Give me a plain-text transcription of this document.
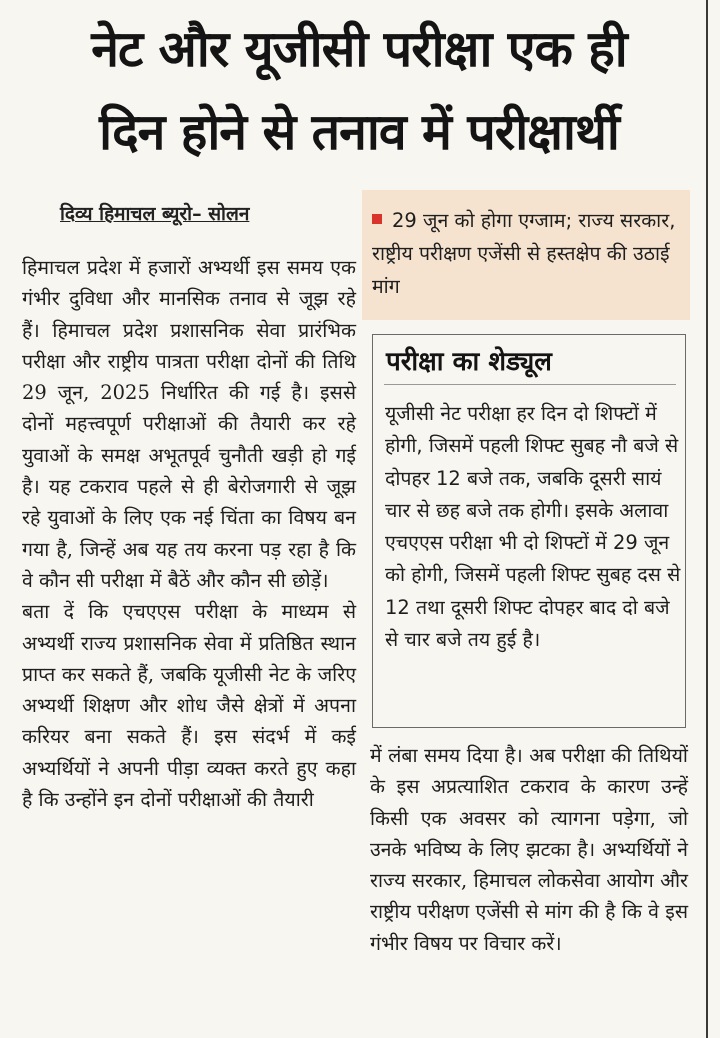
नेट और यूजीसी परीक्षा एक ही
दिन होने से तनाव में परीक्षार्थी
दिव्य हिमाचल ब्यूरो– सोलन

हिमाचल प्रदेश में हजारों अभ्यर्थी इस समय एक गंभीर दुविधा और मानसिक तनाव से जूझ रहे हैं। हिमाचल प्रदेश प्रशासनिक सेवा प्रारंभिक परीक्षा और राष्ट्रीय पात्रता परीक्षा दोनों की तिथि 29 जून, 2025 निर्धारित की गई है। इससे दोनों महत्त्वपूर्ण परीक्षाओं की तैयारी कर रहे युवाओं के समक्ष अभूतपूर्व चुनौती खड़ी हो गई है। यह टकराव पहले से ही बेरोजगारी से जूझ रहे युवाओं के लिए एक नई चिंता का विषय बन गया है, जिन्हें अब यह तय करना पड़ रहा है कि वे कौन सी परीक्षा में बैठें और कौन सी छोड़ें।

बता दें कि एचएएस परीक्षा के माध्यम से अभ्यर्थी राज्य प्रशासनिक सेवा में प्रतिष्ठित स्थान प्राप्त कर सकते हैं, जबकि यूजीसी नेट के जरिए अभ्यर्थी शिक्षण और शोध जैसे क्षेत्रों में अपना करियर बना सकते हैं। इस संदर्भ में कई अभ्यर्थियों ने अपनी पीड़ा व्यक्त करते हुए कहा है कि उन्होंने इन दोनों परीक्षाओं की तैयारी

29 जून को होगा एग्जाम; राज्य सरकार, राष्ट्रीय परीक्षण एजेंसी से हस्तक्षेप की उठाई मांग
परीक्षा का शेड्यूल
यूजीसी नेट परीक्षा हर दिन दो शिफ्टों में होगी, जिसमें पहली शिफ्ट सुबह नौ बजे से दोपहर 12 बजे तक, जबकि दूसरी सायं चार से छह बजे तक होगी। इसके अलावा एचएएस परीक्षा भी दो शिफ्टों में 29 जून को होगी, जिसमें पहली शिफ्ट सुबह दस से 12 तथा दूसरी शिफ्ट दोपहर बाद दो बजे से चार बजे तय हुई है।
में लंबा समय दिया है। अब परीक्षा की तिथियों के इस अप्रत्याशित टकराव के कारण उन्हें किसी एक अवसर को त्यागना पड़ेगा, जो उनके भविष्य के लिए झटका है। अभ्यर्थियों ने राज्य सरकार, हिमाचल लोकसेवा आयोग और राष्ट्रीय परीक्षण एजेंसी से मांग की है कि वे इस गंभीर विषय पर विचार करें।
